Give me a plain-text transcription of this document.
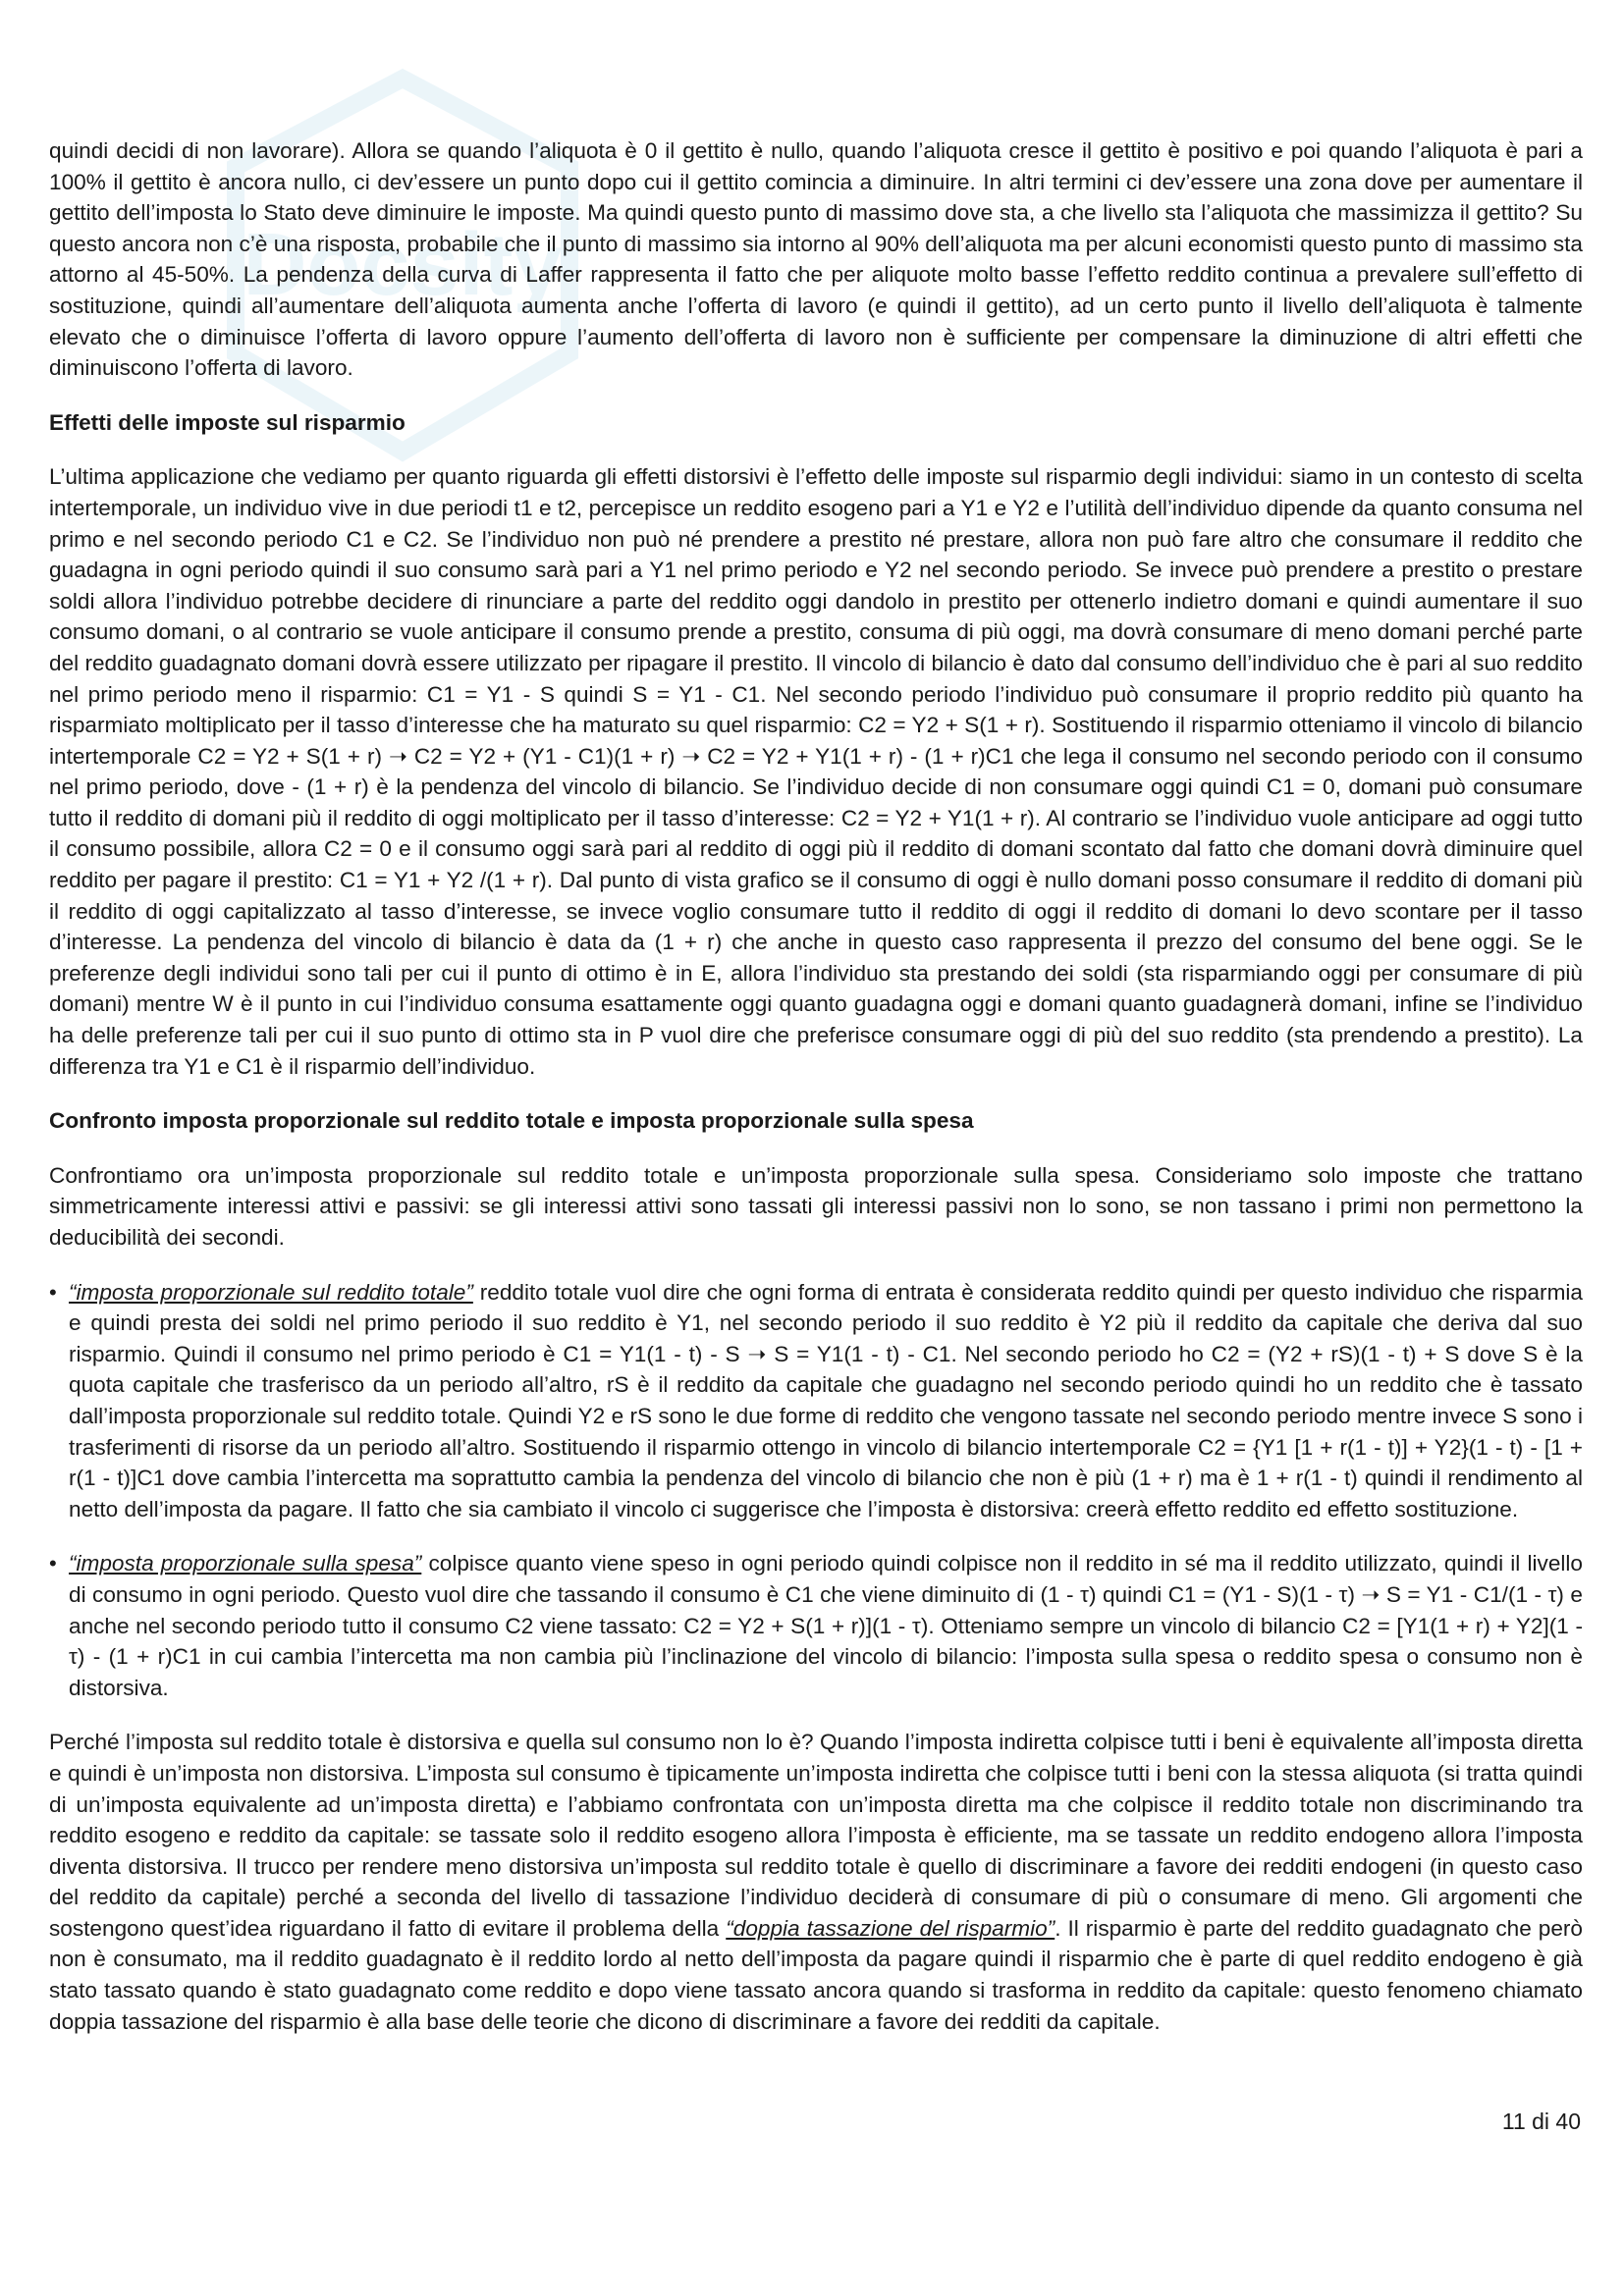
Docsity

quindi decidi di non lavorare). Allora se quando l’aliquota è 0 il gettito è nullo, quando l’aliquota cresce il gettito è positivo e poi quando l’aliquota è pari a 100% il gettito è ancora nullo, ci dev’essere un punto dopo cui il gettito comincia a diminuire. In altri termini ci dev’essere una zona dove per aumentare il gettito dell’imposta lo Stato deve diminuire le imposte. Ma quindi questo punto di massimo dove sta, a che livello sta l’aliquota che massimizza il gettito? Su questo ancora non c’è una risposta, probabile che il punto di massimo sia intorno al 90% dell’aliquota ma per alcuni economisti questo punto di massimo sta attorno al 45-50%. La pendenza della curva di Laffer rappresenta il fatto che per aliquote molto basse l’effetto reddito continua a prevalere sull’effetto di sostituzione, quindi all’aumentare dell’aliquota aumenta anche l’offerta di lavoro (e quindi il gettito), ad un certo punto il livello dell’aliquota è talmente elevato che o diminuisce l’offerta di lavoro oppure l’aumento dell’offerta di lavoro non è sufficiente per compensare la diminuzione di altri effetti che diminuiscono l’offerta di lavoro.

Effetti delle imposte sul risparmio

L’ultima applicazione che vediamo per quanto riguarda gli effetti distorsivi è l’effetto delle imposte sul risparmio degli individui: siamo in un contesto di scelta intertemporale, un individuo vive in due periodi t1 e t2, percepisce un reddito esogeno pari a Y1 e Y2 e l’utilità dell’individuo dipende da quanto consuma nel primo e nel secondo periodo C1 e C2. Se l’individuo non può né prendere a prestito né prestare, allora non può fare altro che consumare il reddito che guadagna in ogni periodo quindi il suo consumo sarà pari a Y1 nel primo periodo e Y2 nel secondo periodo. Se invece può prendere a prestito o prestare soldi allora l’individuo potrebbe decidere di rinunciare a parte del reddito oggi dandolo in prestito per ottenerlo indietro domani e quindi aumentare il suo consumo domani, o al contrario se vuole anticipare il consumo prende a prestito, consuma di più oggi, ma dovrà consumare di meno domani perché parte del reddito guadagnato domani dovrà essere utilizzato per ripagare il prestito. Il vincolo di bilancio è dato dal consumo dell’individuo che è pari al suo reddito nel primo periodo meno il risparmio: C1 = Y1 - S quindi S = Y1 - C1. Nel secondo periodo l’individuo può consumare il proprio reddito più quanto ha risparmiato moltiplicato per il tasso d’interesse che ha maturato su quel risparmio: C2 = Y2 + S(1 + r). Sostituendo il risparmio otteniamo il vincolo di bilancio intertemporale C2 = Y2 + S(1 + r) ➝ C2 = Y2 + (Y1 - C1)(1 + r) ➝ C2 = Y2 + Y1(1 + r) - (1 + r)C1 che lega il consumo nel secondo periodo con il consumo nel primo periodo, dove - (1 + r) è la pendenza del vincolo di bilancio. Se l’individuo decide di non consumare oggi quindi C1 = 0, domani può consumare tutto il reddito di domani più il reddito di oggi moltiplicato per il tasso d’interesse: C2 = Y2 + Y1(1 + r). Al contrario se l’individuo vuole anticipare ad oggi tutto il consumo possibile, allora C2 = 0 e il consumo oggi sarà pari al reddito di oggi più il reddito di domani scontato dal fatto che domani dovrà diminuire quel reddito per pagare il prestito: C1 = Y1 + Y2 /(1 + r). Dal punto di vista grafico se il consumo di oggi è nullo domani posso consumare il reddito di domani più il reddito di oggi capitalizzato al tasso d’interesse, se invece voglio consumare tutto il reddito di oggi il reddito di domani lo devo scontare per il tasso d’interesse. La pendenza del vincolo di bilancio è data da (1 + r) che anche in questo caso rappresenta il prezzo del consumo del bene oggi. Se le preferenze degli individui sono tali per cui il punto di ottimo è in E, allora l’individuo sta prestando dei soldi (sta risparmiando oggi per consumare di più domani) mentre W è il punto in cui l’individuo consuma esattamente oggi quanto guadagna oggi e domani quanto guadagnerà domani, infine se l’individuo ha delle preferenze tali per cui il suo punto di ottimo sta in P vuol dire che preferisce consumare oggi di più del suo reddito (sta prendendo a prestito). La differenza tra Y1 e C1 è il risparmio dell’individuo.

Confronto imposta proporzionale sul reddito totale e imposta proporzionale sulla spesa

Confrontiamo ora un’imposta proporzionale sul reddito totale e un’imposta proporzionale sulla spesa. Consideriamo solo imposte che trattano simmetricamente interessi attivi e passivi: se gli interessi attivi sono tassati gli interessi passivi non lo sono, se non tassano i primi non permettono la deducibilità dei secondi.

• “imposta proporzionale sul reddito totale” reddito totale vuol dire che ogni forma di entrata è considerata reddito quindi per questo individuo che risparmia e quindi presta dei soldi nel primo periodo il suo reddito è Y1, nel secondo periodo il suo reddito è Y2 più il reddito da capitale che deriva dal suo risparmio. Quindi il consumo nel primo periodo è C1 = Y1(1 - t) - S ➝ S = Y1(1 - t) - C1. Nel secondo periodo ho C2 = (Y2 + rS)(1 - t) + S dove S è la quota capitale che trasferisco da un periodo all’altro, rS è il reddito da capitale che guadagno nel secondo periodo quindi ho un reddito che è tassato dall’imposta proporzionale sul reddito totale. Quindi Y2 e rS sono le due forme di reddito che vengono tassate nel secondo periodo mentre invece S sono i trasferimenti di risorse da un periodo all’altro. Sostituendo il risparmio ottengo in vincolo di bilancio intertemporale C2 = {Y1 [1 + r(1 - t)] + Y2}(1 - t) - [1 + r(1 - t)]C1 dove cambia l’intercetta ma soprattutto cambia la pendenza del vincolo di bilancio che non è più (1 + r) ma è 1 + r(1 - t) quindi il rendimento al netto dell’imposta da pagare. Il fatto che sia cambiato il vincolo ci suggerisce che l’imposta è distorsiva: creerà effetto reddito ed effetto sostituzione.
• “imposta proporzionale sulla spesa” colpisce quanto viene speso in ogni periodo quindi colpisce non il reddito in sé ma il reddito utilizzato, quindi il livello di consumo in ogni periodo. Questo vuol dire che tassando il consumo è C1 che viene diminuito di (1 - τ) quindi C1 = (Y1 - S)(1 - τ) ➝ S = Y1 - C1/(1 - τ) e anche nel secondo periodo tutto il consumo C2 viene tassato: C2 = Y2 + S(1 + r)](1 - τ). Otteniamo sempre un vincolo di bilancio C2 = [Y1(1 + r) + Y2](1 - τ) - (1 + r)C1 in cui cambia l’intercetta ma non cambia più l’inclinazione del vincolo di bilancio: l’imposta sulla spesa o reddito spesa o consumo non è distorsiva.

Perché l’imposta sul reddito totale è distorsiva e quella sul consumo non lo è? Quando l’imposta indiretta colpisce tutti i beni è equivalente all’imposta diretta e quindi è un’imposta non distorsiva. L’imposta sul consumo è tipicamente un’imposta indiretta che colpisce tutti i beni con la stessa aliquota (si tratta quindi di un’imposta equivalente ad un’imposta diretta) e l’abbiamo confrontata con un’imposta diretta ma che colpisce il reddito totale non discriminando tra reddito esogeno e reddito da capitale: se tassate solo il reddito esogeno allora l’imposta è efficiente, ma se tassate un reddito endogeno allora l’imposta diventa distorsiva. Il trucco per rendere meno distorsiva un’imposta sul reddito totale è quello di discriminare a favore dei redditi endogeni (in questo caso del reddito da capitale) perché a seconda del livello di tassazione l’individuo deciderà di consumare di più o consumare di meno. Gli argomenti che sostengono quest’idea riguardano il fatto di evitare il problema della “doppia tassazione del risparmio”. Il risparmio è parte del reddito guadagnato che però non è consumato, ma il reddito guadagnato è il reddito lordo al netto dell’imposta da pagare quindi il risparmio che è parte di quel reddito endogeno è già stato tassato quando è stato guadagnato come reddito e dopo viene tassato ancora quando si trasforma in reddito da capitale: questo fenomeno chiamato doppia tassazione del risparmio è alla base delle teorie che dicono di discriminare a favore dei redditi da capitale.

11 di 40
